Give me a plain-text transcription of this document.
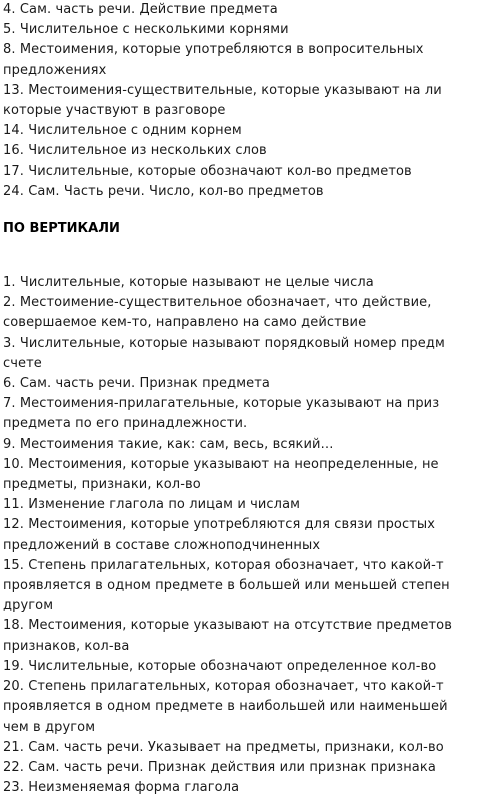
4. Сам. часть речи. Действие предмета
5. Числительное с несколькими корнями
8. Местоимения, которые употребляются в вопросительных
предложениях
13. Местоимения-существительные, которые указывают на ли
которые участвуют в разговоре
14. Числительное с одним корнем
16. Числительное из нескольких слов
17. Числительные, которые обозначают кол-во предметов
24. Сам. Часть речи. Число, кол-во предметов
ПО ВЕРТИКАЛИ
1. Числительные, которые называют не целые числа
2. Местоимение-существительное обозначает, что действие,
совершаемое кем-то, направлено на само действие
3. Числительные, которые называют порядковый номер предм
счете
6. Сам. часть речи. Признак предмета
7. Местоимения-прилагательные, которые указывают на приз
предмета по его принадлежности.
9. Местоимения такие, как: сам, весь, всякий…
10. Местоимения, которые указывают на неопределенные, не
предметы, признаки, кол-во
11. Изменение глагола по лицам и числам
12. Местоимения, которые употребляются для связи простых
предложений в составе сложноподчиненных
15. Степень прилагательных, которая обозначает, что какой-т
проявляется в одном предмете в большей или меньшей степен
другом
18. Местоимения, которые указывают на отсутствие предметов
признаков, кол-ва
19. Числительные, которые обозначают определенное кол-во
20. Степень прилагательных, которая обозначает, что какой-т
проявляется в одном предмете в наибольшей или наименьшей
чем в другом
21. Сам. часть речи. Указывает на предметы, признаки, кол-во
22. Сам. часть речи. Признак действия или признак признака
23. Неизменяемая форма глагола
